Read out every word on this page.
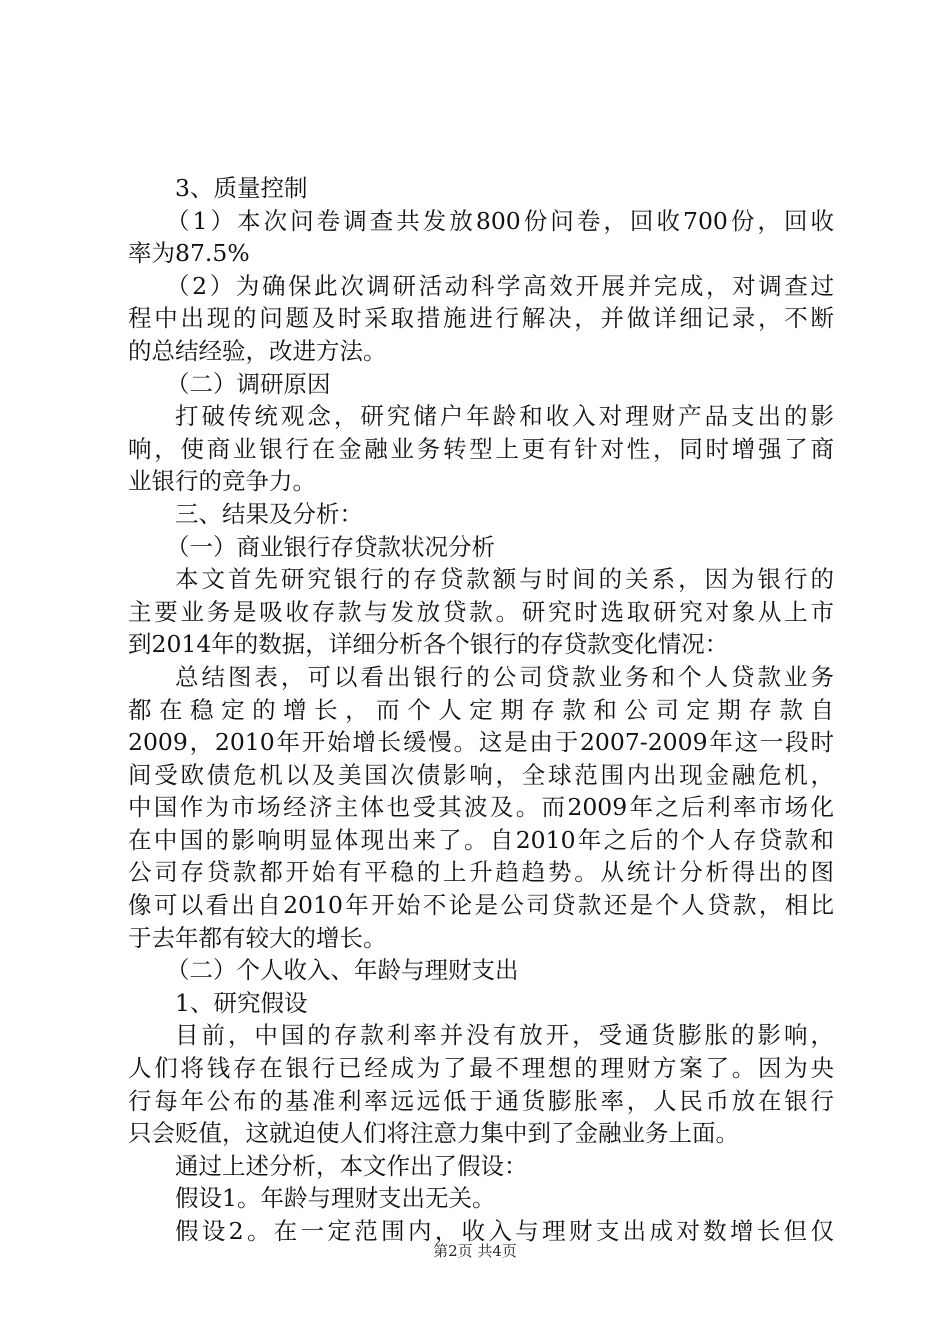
3、质量控制
（1）本次问卷调查共发放800份问卷，回收700份，回收
率为87.5%
（2）为确保此次调研活动科学高效开展并完成，对调查过
程中出现的问题及时采取措施进行解决，并做详细记录，不断
的总结经验，改进方法。
（二）调研原因
打破传统观念，研究储户年龄和收入对理财产品支出的影
响，使商业银行在金融业务转型上更有针对性，同时增强了商
业银行的竞争力。
三、结果及分析：
（一）商业银行存贷款状况分析
本文首先研究银行的存贷款额与时间的关系，因为银行的
主要业务是吸收存款与发放贷款。研究时选取研究对象从上市
到2014年的数据，详细分析各个银行的存贷款变化情况：
总结图表，可以看出银行的公司贷款业务和个人贷款业务
都在稳定的增长，而个人定期存款和公司定期存款自
2009，2010年开始增长缓慢。这是由于2007-2009年这一段时
间受欧债危机以及美国次债影响，全球范围内出现金融危机，
中国作为市场经济主体也受其波及。而2009年之后利率市场化
在中国的影响明显体现出来了。自2010年之后的个人存贷款和
公司存贷款都开始有平稳的上升趋趋势。从统计分析得出的图
像可以看出自2010年开始不论是公司贷款还是个人贷款，相比
于去年都有较大的增长。
（二）个人收入、年龄与理财支出
1、研究假设
目前，中国的存款利率并没有放开，受通货膨胀的影响，
人们将钱存在银行已经成为了最不理想的理财方案了。因为央
行每年公布的基准利率远远低于通货膨胀率，人民币放在银行
只会贬值，这就迫使人们将注意力集中到了金融业务上面。
通过上述分析，本文作出了假设：
假设1。年龄与理财支出无关。
假设2。在一定范围内，收入与理财支出成对数增长但仅
第2页 共4页
